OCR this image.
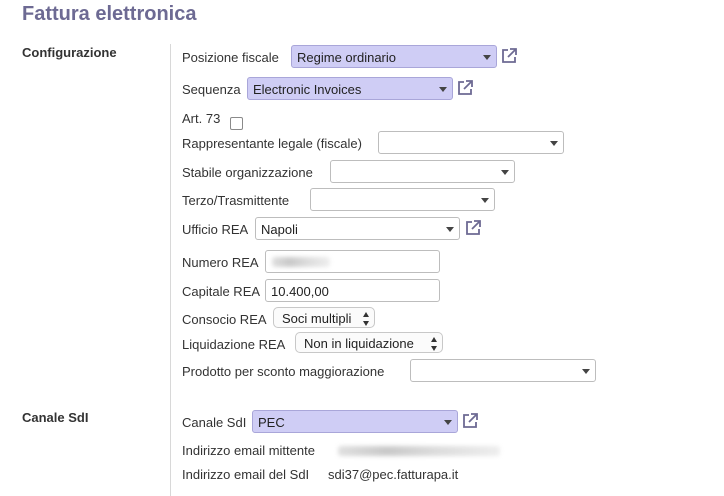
Fattura elettronica
Configurazione
Canale SdI
Posizione fiscale Regime ordinario
Sequenza Electronic Invoices
Art. 73
Rappresentante legale (fiscale)
Stabile organizzazione
Terzo/Trasmittente
Ufficio REA Napoli
Numero REA
Capitale REA 10.400,00
Consocio REA Soci multipli
Liquidazione REA Non in liquidazione
Prodotto per sconto maggiorazione
Canale SdI PEC
Indirizzo email mittente
Indirizzo email del SdI sdi37@pec.fatturapa.it
